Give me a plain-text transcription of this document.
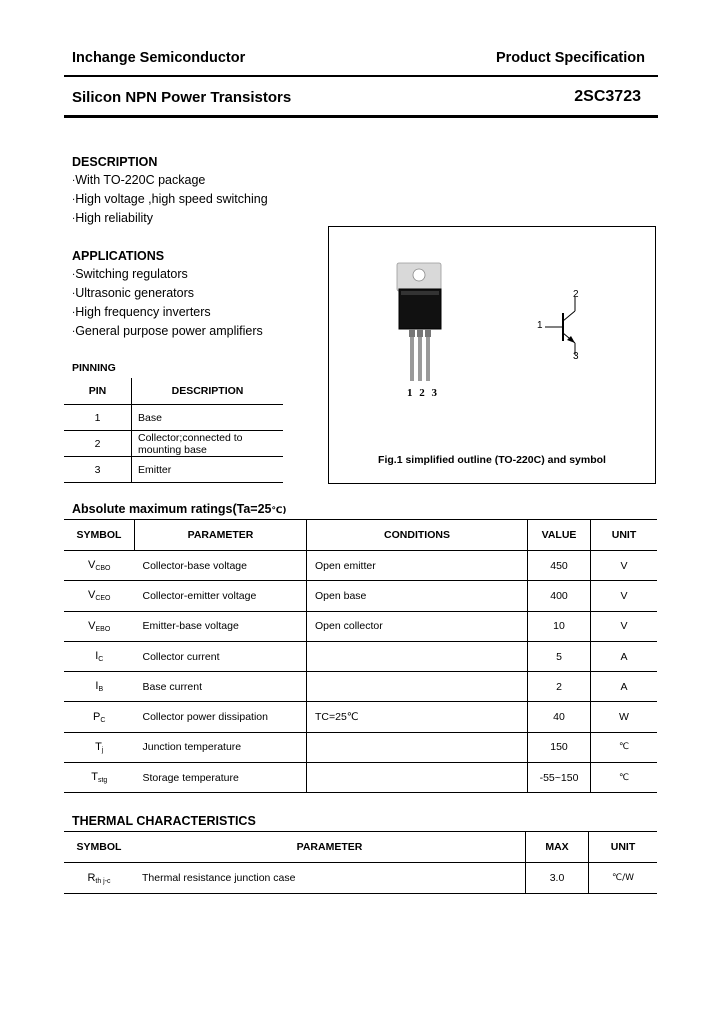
Inchange Semiconductor	Product Specification
Silicon NPN Power Transistors	2SC3723
DESCRIPTION
·With TO-220C package
·High voltage ,high speed switching
·High reliability
APPLICATIONS
·Switching regulators
·Ultrasonic generators
·High frequency inverters
·General purpose power amplifiers
PINNING
PIN	DESCRIPTION
1	Base
2	Collector;connected to mounting base
3	Emitter
1 2 3
1
2
3
Fig.1 simplified outline (TO-220C) and symbol
Absolute maximum ratings(Ta=25℃)
SYMBOL	PARAMETER	CONDITIONS	VALUE	UNIT
$V_{CBO}$	Collector-base voltage	Open emitter	450	V
$V_{CEO}$	Collector-emitter voltage	Open base	400	V
$V_{EBO}$	Emitter-base voltage	Open collector	10	V
$I_C$	Collector current		5	A
$I_B$	Base current		2	A
$P_C$	Collector power dissipation	TC=25℃	40	W
$T_j$	Junction temperature		150	℃
$T_{stg}$	Storage temperature		-55~150	℃
THERMAL CHARACTERISTICS
SYMBOL	PARAMETER	MAX	UNIT
$R_{th j-c}$	Thermal resistance junction case	3.0	℃/W
